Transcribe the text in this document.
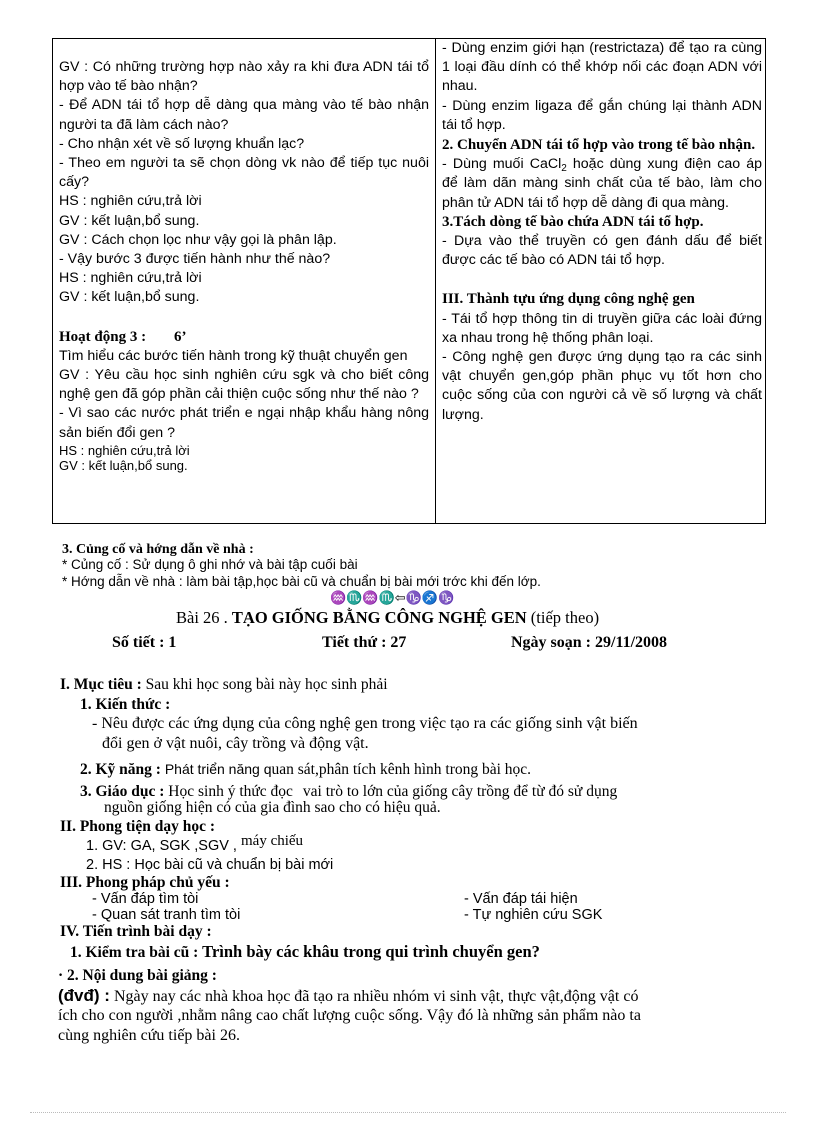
GV : Có những trường hợp nào xảy ra khi đưa ADN tái tổ hợp vào tế bào nhận?

- Để ADN tái tổ hợp dễ dàng qua màng vào tế bào nhận người ta đã làm cách nào?

- Cho nhận xét về số lượng khuẩn lạc?

- Theo em người ta sẽ chọn dòng vk nào để tiếp tục nuôi cấy?

HS : nghiên cứu,trả lời

GV : kết luận,bổ sung.

GV : Cách chọn lọc như vậy gọi là phân lập.

- Vậy bước 3 được tiến hành như thế nào?

HS : nghiên cứu,trả lời

GV : kết luận,bổ sung.

Hoạt động 3 : 6’

Tìm hiểu các bước tiến hành trong kỹ thuật chuyển gen

GV : Yêu cầu học sinh nghiên cứu sgk và cho biết công nghệ gen đã góp phần cải thiện cuộc sống như thế nào ?

- Vì sao các nước phát triển e ngại nhập khẩu hàng nông sản biến đổi gen ?

HS : nghiên cứu,trả lời

GV : kết luận,bổ sung.

- Dùng enzim giới hạn (restrictaza) để tạo ra cùng 1 loại đầu dính có thể khớp nối các đoạn ADN với nhau.

- Dùng enzim ligaza để gắn chúng lại thành ADN tái tổ hợp.

2. Chuyển ADN tái tổ hợp vào trong tế bào nhận.

- Dùng muối CaCl$_2$ hoặc dùng xung điện cao áp để làm dãn màng sinh chất của tế bào, làm cho phân tử ADN tái tổ hợp dễ dàng đi qua màng.

3.Tách dòng tế bào chứa ADN tái tổ hợp.

- Dựa vào thể truyền có gen đánh dấu để biết được các tế bào có ADN tái tổ hợp.

III. Thành tựu ứng dụng công nghệ gen

- Tái tổ hợp thông tin di truyền giữa các loài đứng xa nhau trong hệ thống phân loại.

- Công nghệ gen được ứng dụng tạo ra các sinh vật chuyển gen,góp phần phục vụ tốt hơn cho cuộc sống của con người cả về số lượng và chất lượng.

3. Củng cố và hớng dẫn về nhà :
* Củng cố : Sử dụng ô ghi nhớ và bài tập cuối bài
* Hớng dẫn về nhà : làm bài tập,học bài cũ và chuẩn bị bài mới trớc khi đến lớp.
♒♏♒♏⇦♑♐♑
Bài 26 . TẠO GIỐNG BẰNG CÔNG NGHỆ GEN (tiếp theo)
Số tiết : 1	Tiết thứ : 27	Ngày soạn : 29/11/2008
I. Mục tiêu : Sau khi học song bài này học sinh phải
1. Kiến thức :
- Nêu được các ứng dụng của công nghệ gen trong việc tạo ra các giống sinh vật biến
đổi gen ở vật nuôi, cây trồng và động vật.
2. Kỹ năng : Phát triển năng quan sát,phân tích kênh hình trong bài học.
3. Giáo dục : Học sinh ý thức đọc vai trò to lớn của giống cây trồng để từ đó sử dụng
nguồn giống hiện có của gia đình sao cho có hiệu quả.
II. Phong tiện dạy học :
1. GV: GA, SGK ,SGV , máy chiếu
2. HS : Học bài cũ và chuẩn bị bài mới
III. Phong pháp chủ yếu :
- Vấn đáp tìm tòi	- Vấn đáp tái hiện
- Quan sát tranh tìm tòi	- Tự nghiên cứu SGK
IV. Tiến trình bài dạy :
1. Kiểm tra bài cũ : Trình bày các khâu trong qui trình chuyển gen?
· 2. Nội dung bài giảng :
(đvđ) : Ngày nay các nhà khoa học đã tạo ra nhiều nhóm vi sinh vật, thực vật,động vật có
ích cho con người ,nhằm nâng cao chất lượng cuộc sống. Vậy đó là những sản phẩm nào ta
cùng nghiên cứu tiếp bài 26.
